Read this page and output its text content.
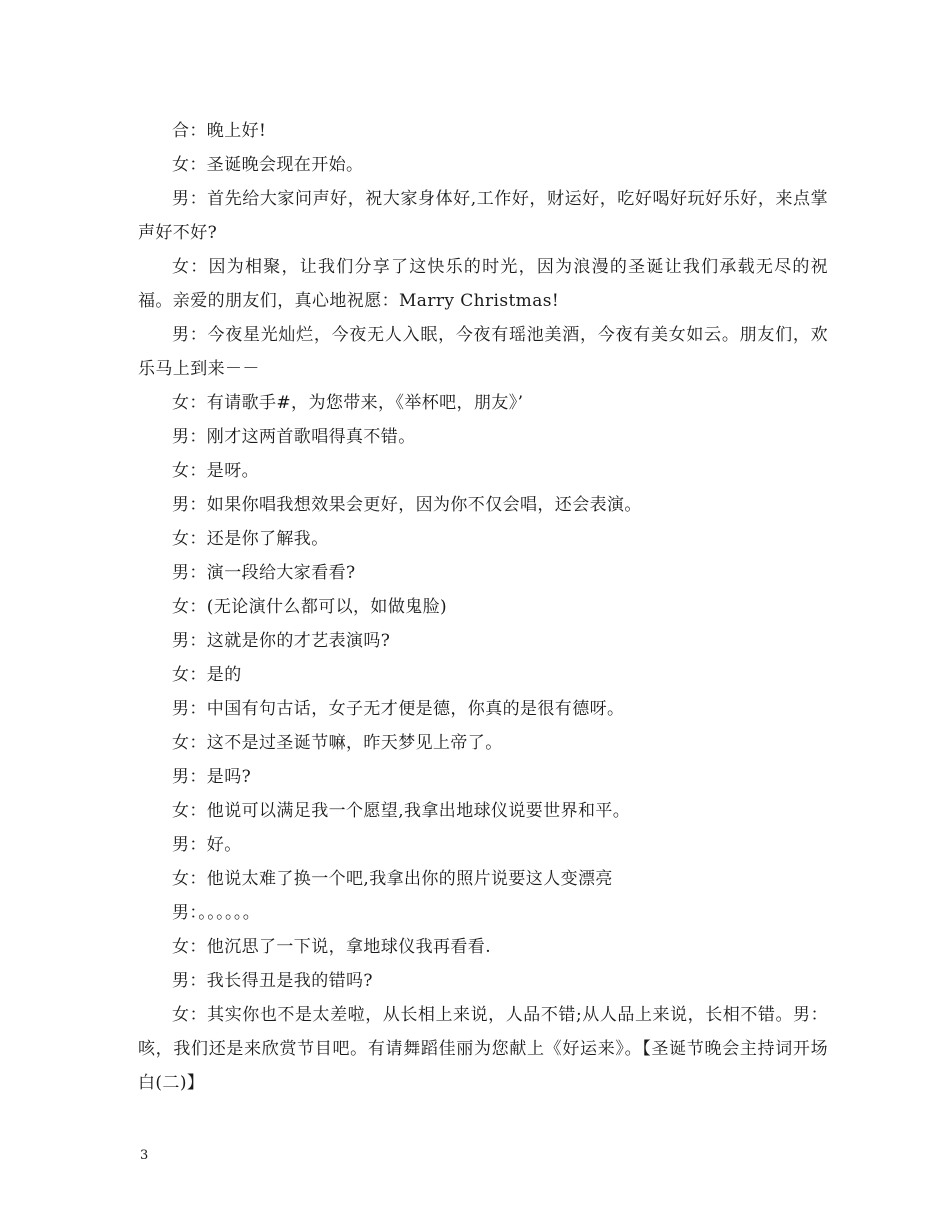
合：晚上好!

女：圣诞晚会现在开始。

男：首先给大家问声好，祝大家身体好,工作好，财运好，吃好喝好玩好乐好，来点掌声好不好?

女：因为相聚，让我们分享了这快乐的时光，因为浪漫的圣诞让我们承载无尽的祝福。亲爱的朋友们，真心地祝愿：Marry Christmas!

男：今夜星光灿烂，今夜无人入眠，今夜有瑶池美酒，今夜有美女如云。朋友们，欢乐马上到来－－

女：有请歌手#，为您带来，《举杯吧，朋友》’

男：刚才这两首歌唱得真不错。

女：是呀。

男：如果你唱我想效果会更好，因为你不仅会唱，还会表演。

女：还是你了解我。

男：演一段给大家看看?

女：(无论演什么都可以，如做鬼脸)

男：这就是你的才艺表演吗?

女：是的

男：中国有句古话，女子无才便是德，你真的是很有德呀。

女：这不是过圣诞节嘛，昨天梦见上帝了。

男：是吗?

女：他说可以满足我一个愿望,我拿出地球仪说要世界和平。

男：好。

女：他说太难了换一个吧,我拿出你的照片说要这人变漂亮

男：。。。。。。

女：他沉思了一下说，拿地球仪我再看看.

男：我长得丑是我的错吗?

女：其实你也不是太差啦，从长相上来说，人品不错;从人品上来说，长相不错。男：咳，我们还是来欣赏节目吧。有请舞蹈佳丽为您献上《好运来》。【圣诞节晚会主持词开场白(二)】

3
